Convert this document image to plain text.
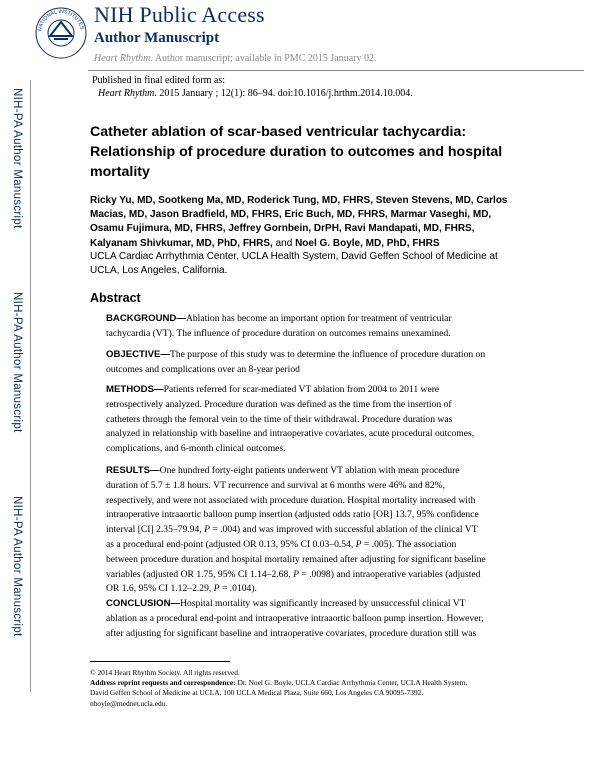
NATIONAL INSTITUTES
NIH Public Access
Author Manuscript
Heart Rhythm. Author manuscript; available in PMC 2015 January 02.
Published in final edited form as:
Heart Rhythm. 2015 January ; 12(1): 86–94. doi:10.1016/j.hrthm.2014.10.004.
NIH-PA Author Manuscript
NIH-PA Author Manuscript
NIH-PA Author Manuscript
Catheter ablation of scar-based ventricular tachycardia:
Relationship of procedure duration to outcomes and hospital
mortality
Ricky Yu, MD, Sootkeng Ma, MD, Roderick Tung, MD, FHRS, Steven Stevens, MD, Carlos
Macias, MD, Jason Bradfield, MD, FHRS, Eric Buch, MD, FHRS, Marmar Vaseghi, MD,
Osamu Fujimura, MD, FHRS, Jeffrey Gornbein, DrPH, Ravi Mandapati, MD, FHRS,
Kalyanam Shivkumar, MD, PhD, FHRS, and Noel G. Boyle, MD, PhD, FHRS
UCLA Cardiac Arrhythmia Center, UCLA Health System, David Geffen School of Medicine at
UCLA, Los Angeles, California.
Abstract
BACKGROUND—Ablation has become an important option for treatment of ventricular
tachycardia (VT). The influence of procedure duration on outcomes remains unexamined.
OBJECTIVE—The purpose of this study was to determine the influence of procedure duration on
outcomes and complications over an 8-year period
METHODS—Patients referred for scar-mediated VT ablation from 2004 to 2011 were
retrospectively analyzed. Procedure duration was defined as the time from the insertion of
catheters through the femoral vein to the time of their withdrawal. Procedure duration was
analyzed in relationship with baseline and intraoperative covariates, acute procedural outcomes,
complications, and 6-month clinical outcomes.
RESULTS—One hundred forty-eight patients underwent VT ablation with mean procedure
duration of 5.7 ± 1.8 hours. VT recurrence and survival at 6 months were 46% and 82%,
respectively, and were not associated with procedure duration. Hospital mortality increased with
intraoperative intraaortic balloon pump insertion (adjusted odds ratio [OR] 13.7, 95% confidence
interval [CI] 2.35–79.94, P = .004) and was improved with successful ablation of the clinical VT
as a procedural end-point (adjusted OR 0.13, 95% CI 0.03–0.54, P = .005). The association
between procedure duration and hospital mortality remained after adjusting for significant baseline
variables (adjusted OR 1.75, 95% CI 1.14–2.68, P = .0098) and intraoperative variables (adjusted
OR 1.6, 95% CI 1.12–2.29, P = .0104).
CONCLUSION—Hospital mortality was significantly increased by unsuccessful clinical VT
ablation as a procedural end-point and intraoperative intraaortic balloon pump insertion. However,
after adjusting for significant baseline and intraoperative covariates, procedure duration still was
© 2014 Heart Rhythm Society. All rights reserved.
Address reprint requests and correspondence: Dr. Noel G. Boyle, UCLA Cardiac Arrhythmia Center, UCLA Health System,
David Geffen School of Medicine at UCLA, 100 UCLA Medical Plaza, Suite 660, Los Angeles CA 90095-7392.
nboyle@mednet.ucla.edu.
